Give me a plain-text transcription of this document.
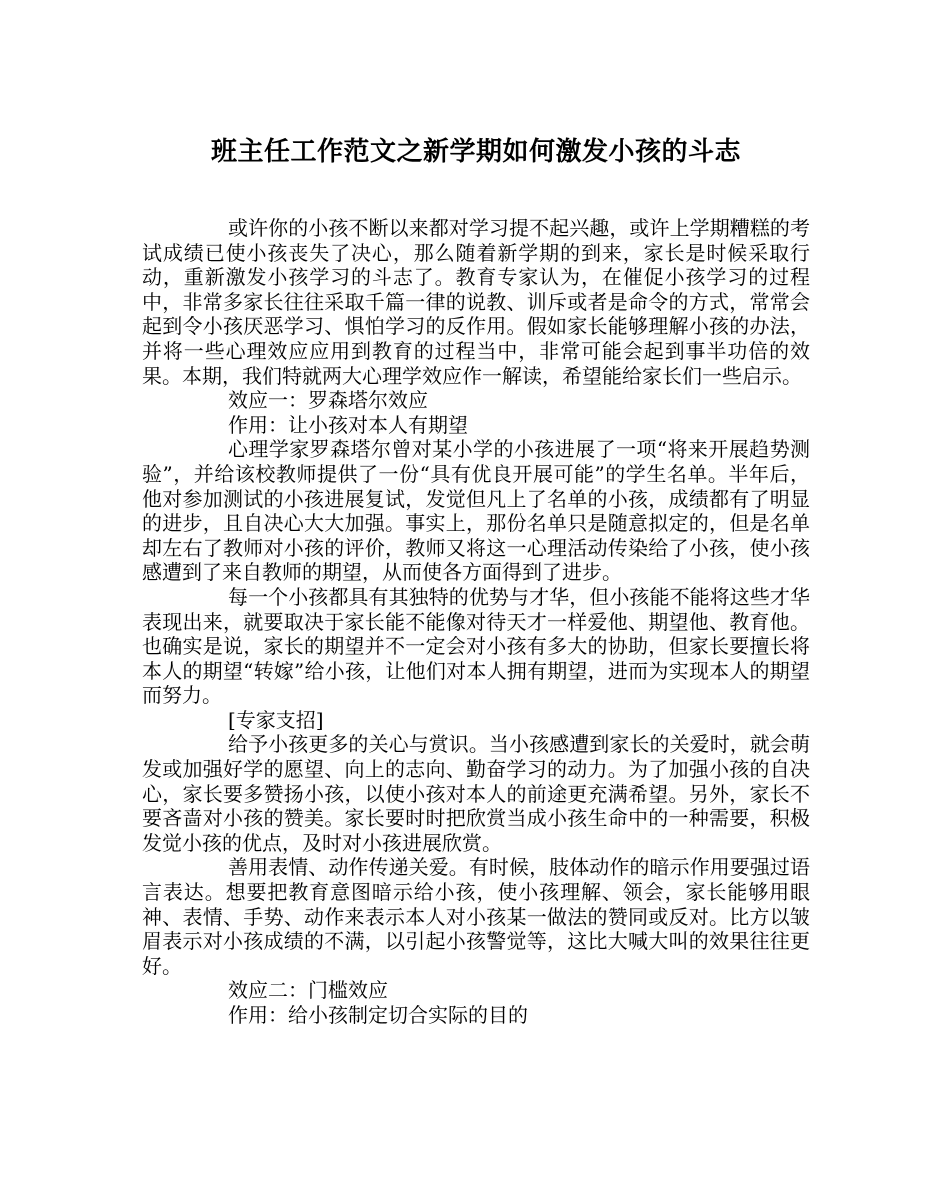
班主任工作范文之新学期如何激发小孩的斗志

或许你的小孩不断以来都对学习提不起兴趣，或许上学期糟糕的考试成绩已使小孩丧失了决心，那么随着新学期的到来，家长是时候采取行动，重新激发小孩学习的斗志了。教育专家认为，在催促小孩学习的过程中，非常多家长往往采取千篇一律的说教、训斥或者是命令的方式，常常会起到令小孩厌恶学习、惧怕学习的反作用。假如家长能够理解小孩的办法，并将一些心理效应应用到教育的过程当中，非常可能会起到事半功倍的效果。本期，我们特就两大心理学效应作一解读，希望能给家长们一些启示。

效应一：罗森塔尔效应

作用：让小孩对本人有期望

心理学家罗森塔尔曾对某小学的小孩进展了一项“将来开展趋势测验”，并给该校教师提供了一份“具有优良开展可能”的学生名单。半年后，他对参加测试的小孩进展复试，发觉但凡上了名单的小孩，成绩都有了明显的进步，且自决心大大加强。事实上，那份名单只是随意拟定的，但是名单却左右了教师对小孩的评价，教师又将这一心理活动传染给了小孩，使小孩感遭到了来自教师的期望，从而使各方面得到了进步。

每一个小孩都具有其独特的优势与才华，但小孩能不能将这些才华表现出来，就要取决于家长能不能像对待天才一样爱他、期望他、教育他。也确实是说，家长的期望并不一定会对小孩有多大的协助，但家长要擅长将本人的期望“转嫁”给小孩，让他们对本人拥有期望，进而为实现本人的期望而努力。

[专家支招]

给予小孩更多的关心与赏识。当小孩感遭到家长的关爱时，就会萌发或加强好学的愿望、向上的志向、勤奋学习的动力。为了加强小孩的自决心，家长要多赞扬小孩，以使小孩对本人的前途更充满希望。另外，家长不要吝啬对小孩的赞美。家长要时时把欣赏当成小孩生命中的一种需要，积极发觉小孩的优点，及时对小孩进展欣赏。

善用表情、动作传递关爱。有时候，肢体动作的暗示作用要强过语言表达。想要把教育意图暗示给小孩，使小孩理解、领会，家长能够用眼神、表情、手势、动作来表示本人对小孩某一做法的赞同或反对。比方以皱眉表示对小孩成绩的不满，以引起小孩警觉等，这比大喊大叫的效果往往更好。

效应二：门槛效应

作用：给小孩制定切合实际的目的
